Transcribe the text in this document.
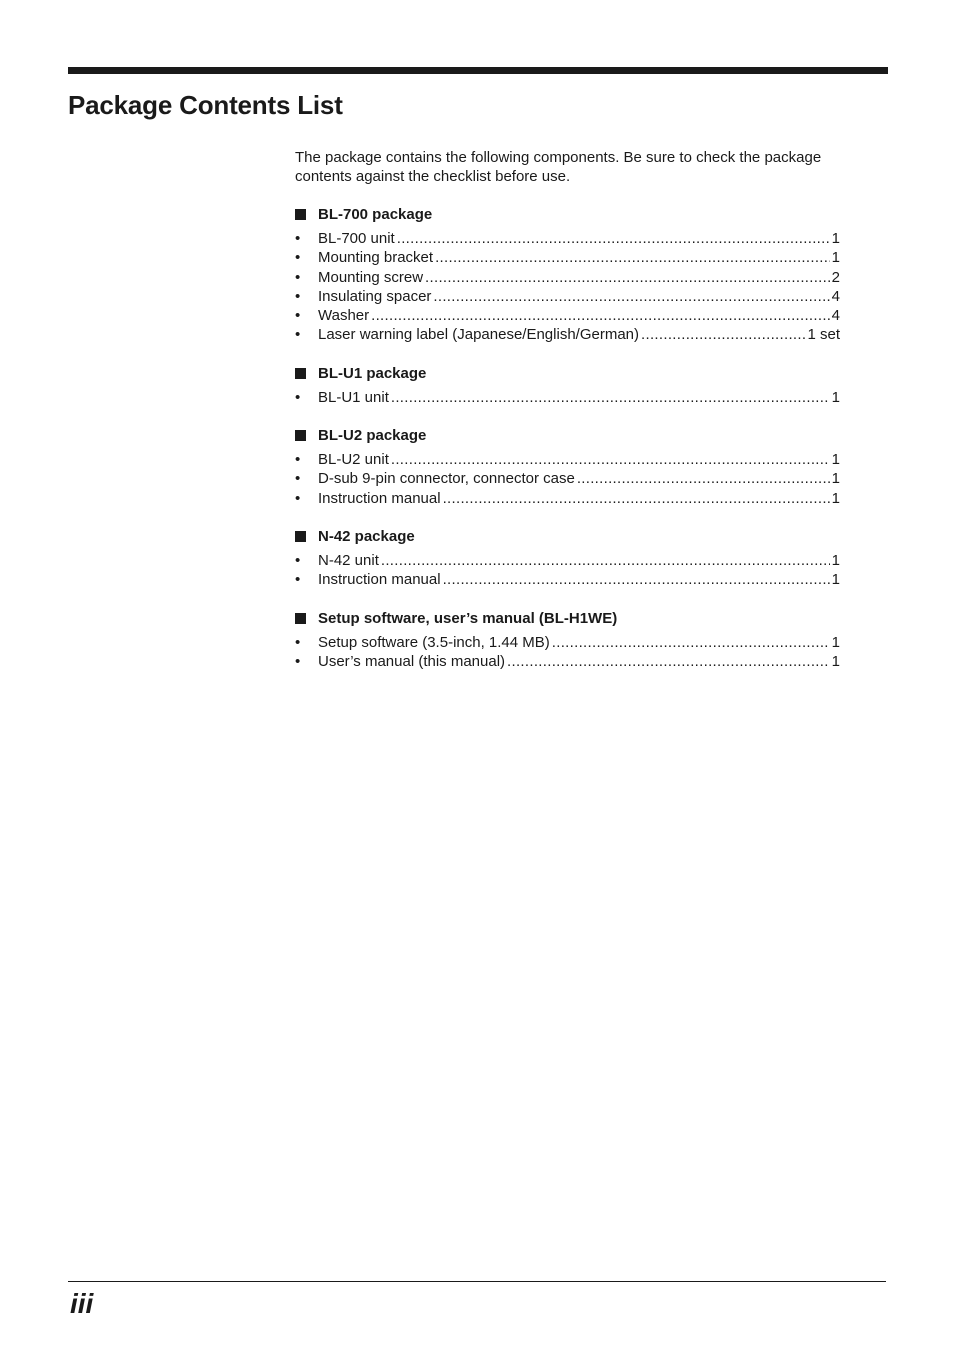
Package Contents List

The package contains the following components. Be sure to check the package contents against the checklist before use.

BL-700 package
•	BL-700 unit .....	1
•	Mounting bracket .....	1
•	Mounting screw .....	2
•	Insulating spacer .....	4
•	Washer .....	4
•	Laser warning label (Japanese/English/German) .....	1 set
BL-U1 package
•	BL-U1 unit .....	1
BL-U2 package
•	BL-U2 unit .....	1
•	D-sub 9-pin connector, connector case .....	1
•	Instruction manual .....	1
N-42 package
•	N-42 unit .....	1
•	Instruction manual .....	1
Setup software, user’s manual (BL-H1WE)
•	Setup software (3.5-inch, 1.44 MB) .....	1
•	User’s manual (this manual) .....	1
iii
